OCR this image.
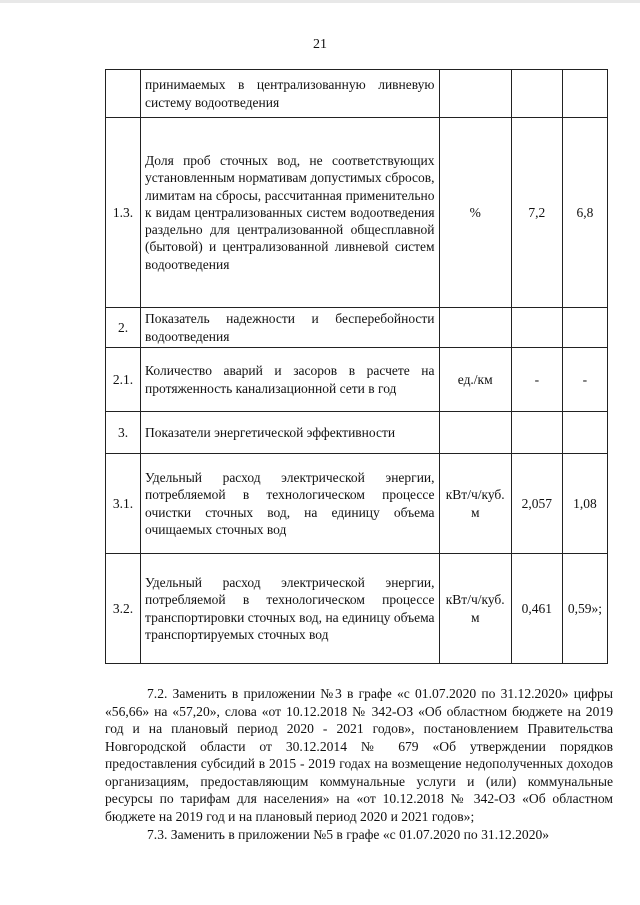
21
	принимаемых в централизованную ливневую систему водоотведения			
1.3.	Доля проб сточных вод, не соответствующих установленным нормативам допустимых сбросов, лимитам на сбросы, рассчитанная применительно к видам централизованных систем водоотведения раздельно для централизованной общесплавной (бытовой) и централизованной ливневой систем водоотведения	%	7,2	6,8
2.	Показатель надежности и бесперебойности водоотведения			
2.1.	Количество аварий и засоров в расчете на протяженность канализационной сети в год	ед./км	-	-
3.	Показатели энергетической эффективности			
3.1.	Удельный расход электрической энергии, потребляемой в технологическом процессе очистки сточных вод, на единицу объема очищаемых сточных вод	кВт/ч/куб. м	2,057	1,08
3.2.	Удельный расход электрической энергии, потребляемой в технологическом процессе транспортировки сточных вод, на единицу объема транспортируемых сточных вод	кВт/ч/куб. м	0,461	0,59»;

7.2. Заменить в приложении №3 в графе «с 01.07.2020 по 31.12.2020» цифры «56,66» на «57,20», слова «от 10.12.2018 № 342-ОЗ «Об областном бюджете на 2019 год и на плановый период 2020 - 2021 годов», постановлением Правительства Новгородской области от 30.12.2014 № 679 «Об утверждении порядков предоставления субсидий в 2015 - 2019 годах на возмещение недополученных доходов организациям, предоставляющим коммунальные услуги и (или) коммунальные ресурсы по тарифам для населения» на «от 10.12.2018 № 342-ОЗ «Об областном бюджете на 2019 год и на плановый период 2020 и 2021 годов»;

7.3. Заменить в приложении №5 в графе «с 01.07.2020 по 31.12.2020»
